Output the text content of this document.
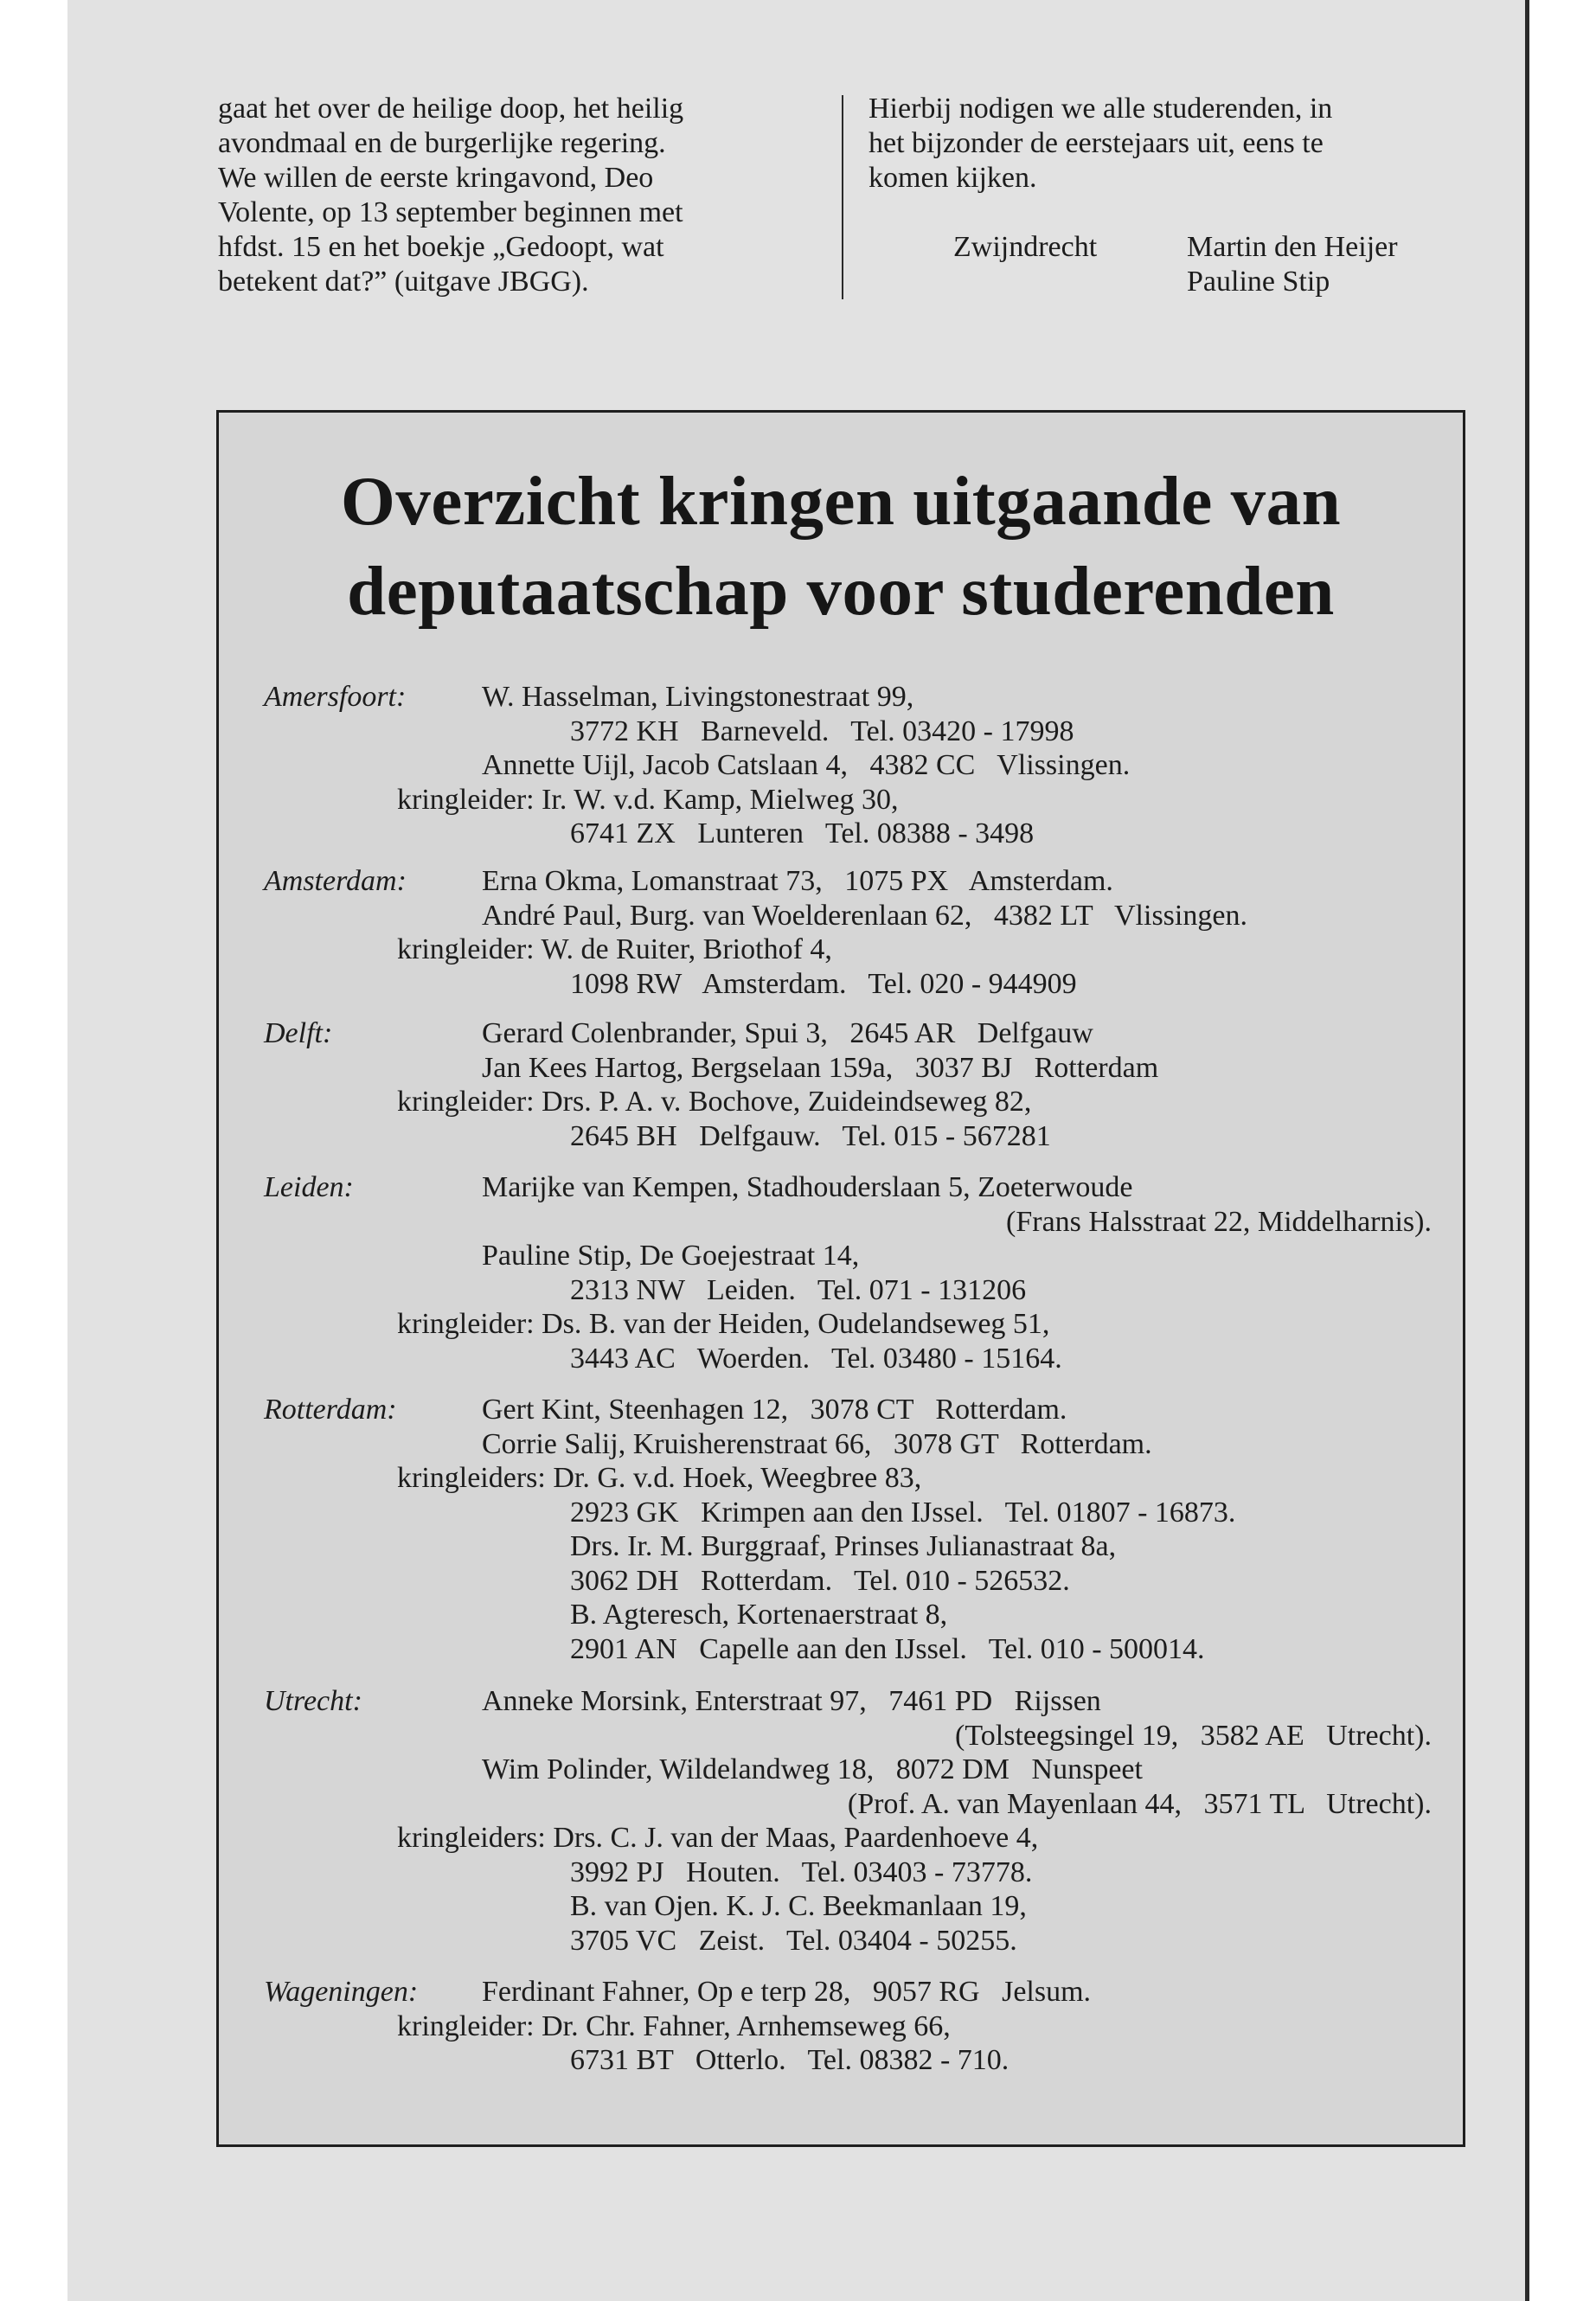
gaat het over de heilige doop, het heilig
avondmaal en de burgerlijke regering.
We willen de eerste kringavond, Deo
Volente, op 13 september beginnen met
hfdst. 15 en het boekje „Gedoopt, wat
betekent dat?” (uitgave JBGG).
Hierbij nodigen we alle studerenden, in
het bijzonder de eerstejaars uit, eens te
komen kijken.
Zwijndrecht	Martin den Heijer
Pauline Stip
Overzicht kringen uitgaande van
deputaatschap voor studerenden
Amersfoort:	W. Hasselman, Livingstonestraat 99,
3772 KH   Barneveld.   Tel. 03420 - 17998
Annette Uijl, Jacob Catslaan 4,   4382 CC   Vlissingen.
kringleider: Ir. W. v.d. Kamp, Mielweg 30,
6741 ZX   Lunteren   Tel. 08388 - 3498
Amsterdam:	Erna Okma, Lomanstraat 73,   1075 PX   Amsterdam.
André Paul, Burg. van Woelderenlaan 62,   4382 LT   Vlissingen.
kringleider: W. de Ruiter, Briothof 4,
1098 RW   Amsterdam.   Tel. 020 - 944909
Delft:	Gerard Colenbrander, Spui 3,   2645 AR   Delfgauw
Jan Kees Hartog, Bergselaan 159a,   3037 BJ   Rotterdam
kringleider: Drs. P. A. v. Bochove, Zuideindseweg 82,
2645 BH   Delfgauw.   Tel. 015 - 567281
Leiden:	Marijke van Kempen, Stadhouderslaan 5, Zoeterwoude
(Frans Halsstraat 22, Middelharnis).
Pauline Stip, De Goejestraat 14,
2313 NW   Leiden.   Tel. 071 - 131206
kringleider: Ds. B. van der Heiden, Oudelandseweg 51,
3443 AC   Woerden.   Tel. 03480 - 15164.
Rotterdam:	Gert Kint, Steenhagen 12,   3078 CT   Rotterdam.
Corrie Salij, Kruisherenstraat 66,   3078 GT   Rotterdam.
kringleiders: Dr. G. v.d. Hoek, Weegbree 83,
2923 GK   Krimpen aan den IJssel.   Tel. 01807 - 16873.
Drs. Ir. M. Burggraaf, Prinses Julianastraat 8a,
3062 DH   Rotterdam.   Tel. 010 - 526532.
B. Agteresch, Kortenaerstraat 8,
2901 AN   Capelle aan den IJssel.   Tel. 010 - 500014.
Utrecht:	Anneke Morsink, Enterstraat 97,   7461 PD   Rijssen
(Tolsteegsingel 19,   3582 AE   Utrecht).
Wim Polinder, Wildelandweg 18,   8072 DM   Nunspeet
(Prof. A. van Mayenlaan 44,   3571 TL   Utrecht).
kringleiders: Drs. C. J. van der Maas, Paardenhoeve 4,
3992 PJ   Houten.   Tel. 03403 - 73778.
B. van Ojen. K. J. C. Beekmanlaan 19,
3705 VC   Zeist.   Tel. 03404 - 50255.
Wageningen: Ferdinant Fahner, Op e terp 28,   9057 RG   Jelsum.
kringleider: Dr. Chr. Fahner, Arnhemseweg 66,
6731 BT   Otterlo.   Tel. 08382 - 710.
